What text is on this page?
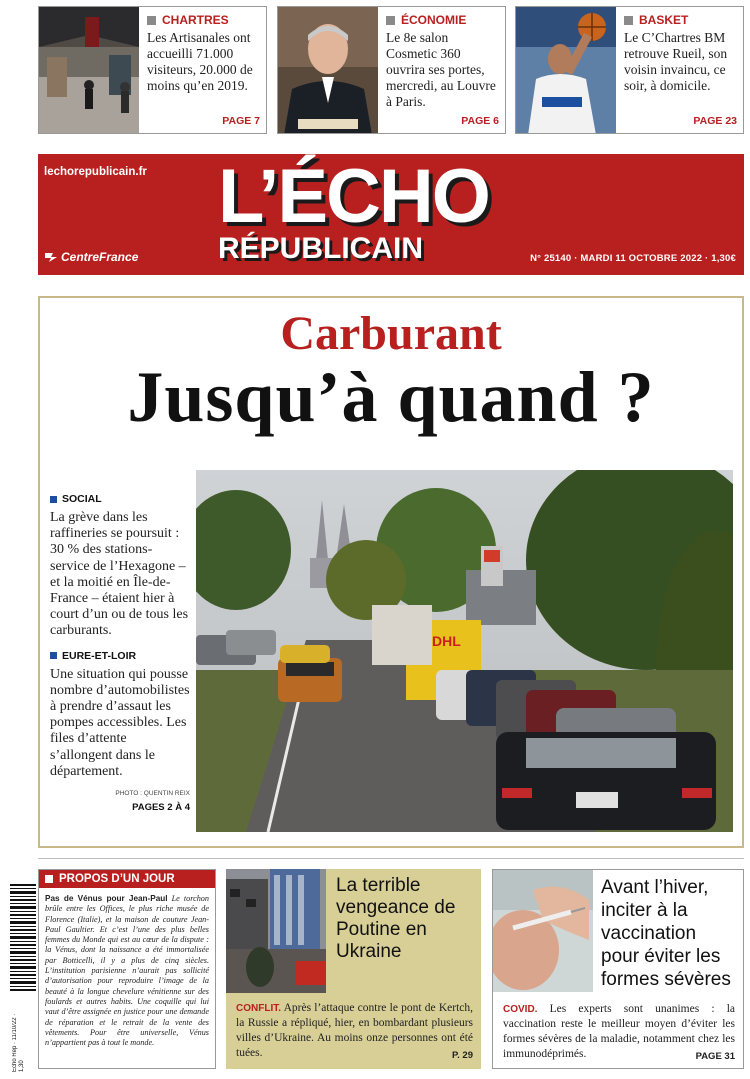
CHARTRES
Les Artisanales ont accueilli 71.000 visiteurs, 20.000 de moins qu’en 2019.
PAGE 7
ÉCONOMIE
Le 8e salon Cosmetic 360 ouvrira ses portes, mercredi, au Louvre à Paris.
PAGE 6
BASKET
Le C’Chartres BM retrouve Rueil, son voisin invaincu, ce soir, à domicile.
PAGE 23
lechorepublicain.fr L’ÉCHO
RÉPUBLICAIN
CentreFrance	N° 25140 · MARDI 11 OCTOBRE 2022 · 1,30€
Carburant
Jusqu’à quand ?
SOCIAL

La grève dans les raffineries se poursuit : 30 % des stations-service de l’Hexagone – et la moitié en Île-de-France – étaient hier à court d’un ou de tous les carburants.

EURE-ET-LOIR

Une situation qui pousse nombre d’automobilistes à prendre d’assaut les pompes accessibles. Les files d’attente s’allongent dans le département.

PHOTO : QUENTIN REIX
PAGES 2 À 4
DHL
Echo Rep · 11/10/22 · 1,30
PROPOS D’UN JOUR
Pas de Vénus pour Jean-Paul Le torchon brûle entre les Offices, le plus riche musée de Florence (Italie), et la maison de couture Jean-Paul Gaultier. Et c’est l’une des plus belles femmes du Monde qui est au cœur de la dispute : la Vénus, dont la naissance a été immortalisée par Botticelli, il y a plus de cinq siècles. L’institution parisienne n’aurait pas sollicité d’autorisation pour reproduire l’image de la beauté à la longue chevelure vénitienne sur des foulards et autres habits. Une coquille qui lui vaut d’être assignée en justice pour une demande de réparation et le retrait de la vente des vêtements. Pour être universelle, Vénus n’appartient pas à tout le monde.
La terrible vengeance de Poutine en Ukraine
CONFLIT. Après l’attaque contre le pont de Kertch, la Russie a répliqué, hier, en bombardant plusieurs villes d’Ukraine. Au moins onze personnes ont été tuées.	P. 29
Avant l’hiver, inciter à la vaccination pour éviter les formes sévères
COVID. Les experts sont unanimes : la vaccination reste le meilleur moyen d’éviter les formes sévères de la maladie, notamment chez les immunodéprimés.	PAGE 31
